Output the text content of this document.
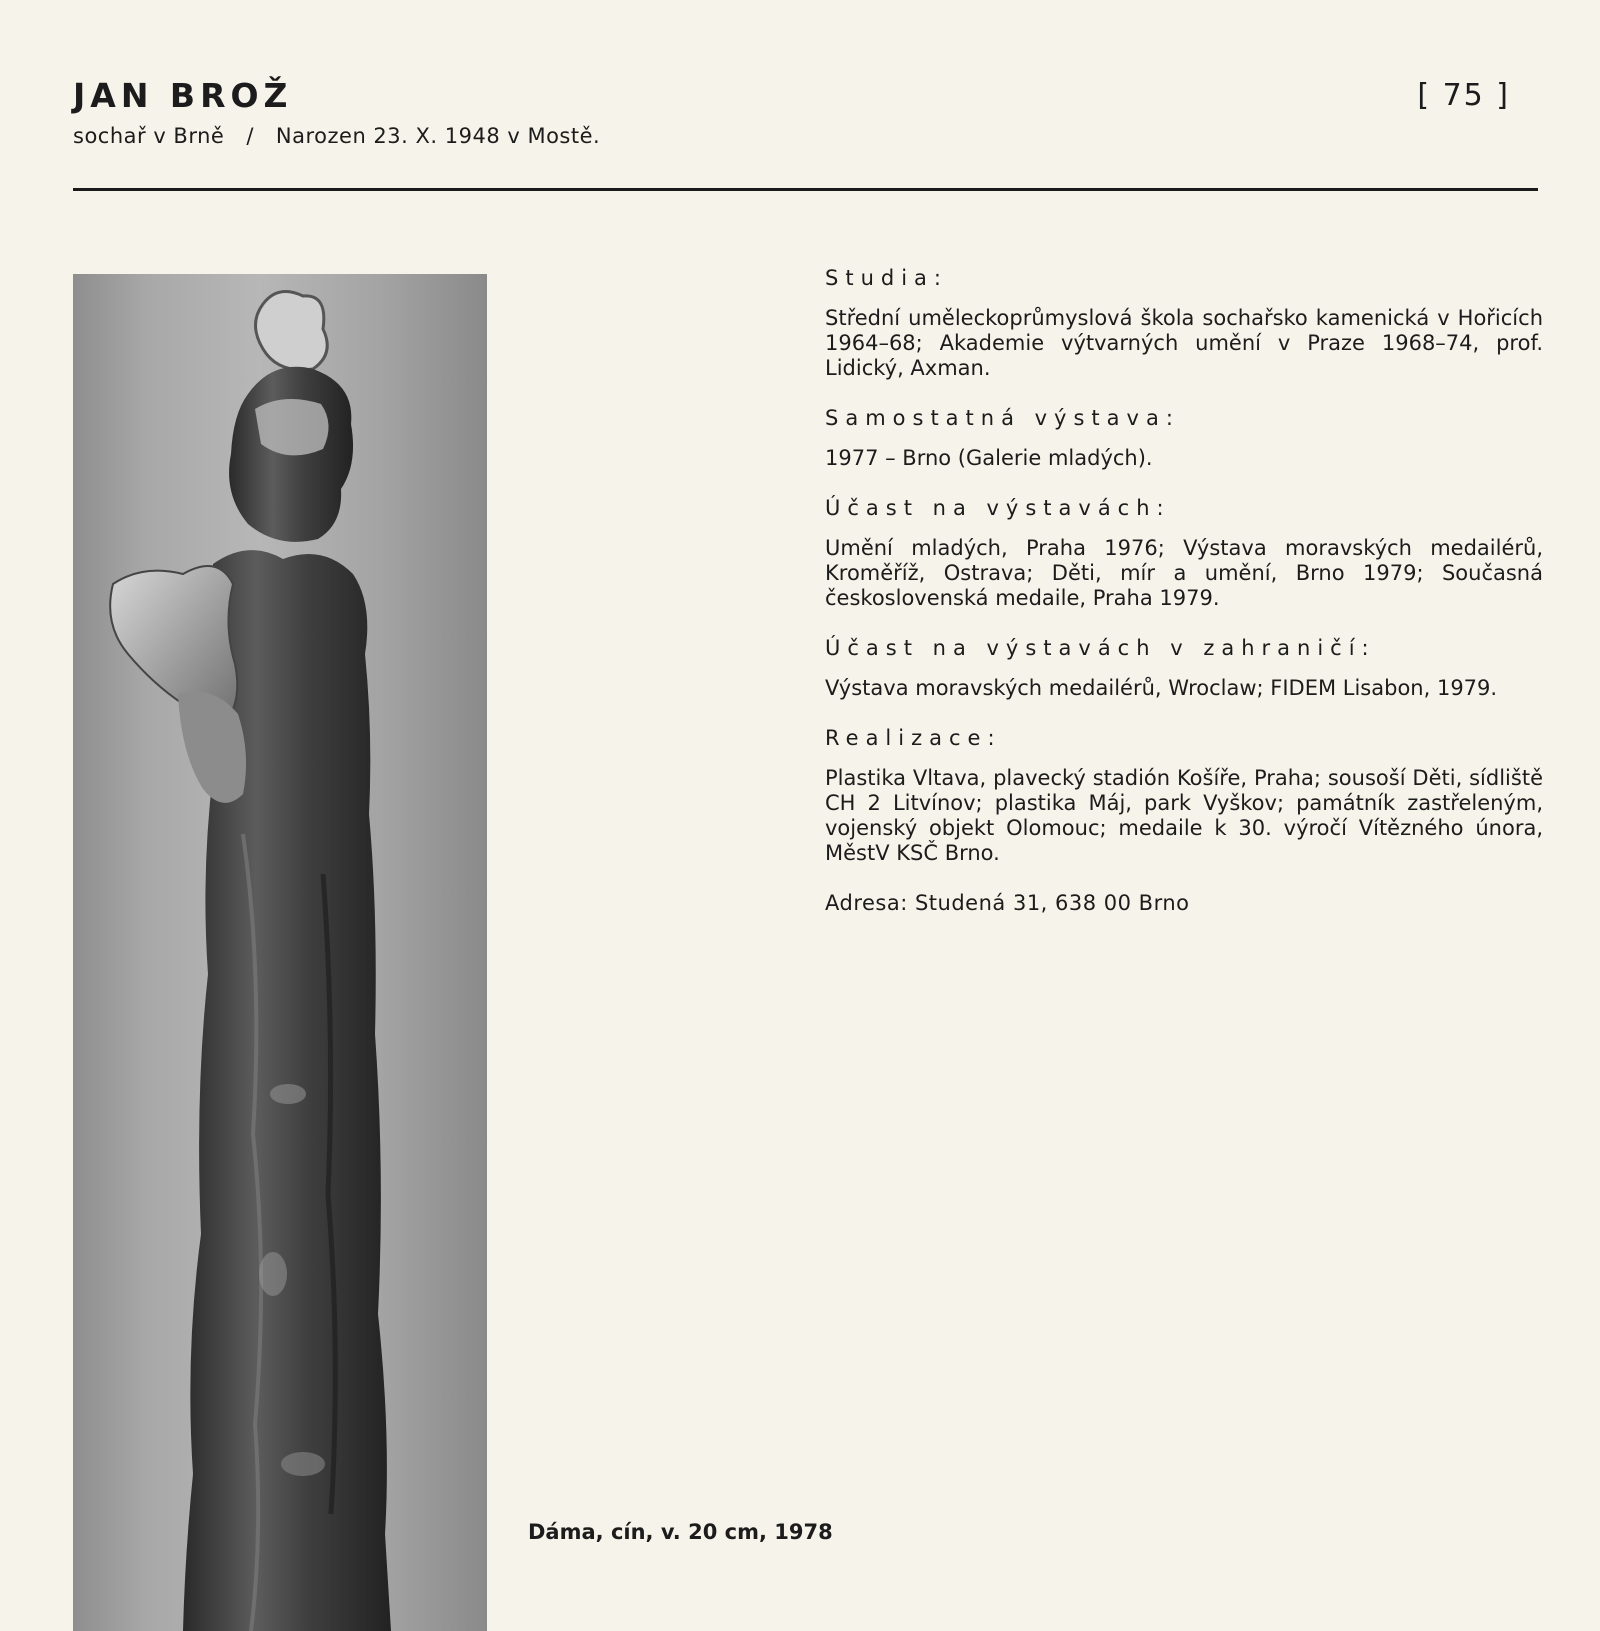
JAN BROŽ
sochař v Brně / Narozen 23. X. 1948 v Mostě.
[ 75 ]
Dáma, cín, v. 20 cm, 1978
Studia:

Střední uměleckoprůmyslová škola sochařsko kamenická v Hořicích 1964–68; Akademie výtvarných umění v Praze 1968–74, prof. Lidický, Axman.

Samostatná výstava:

1977 – Brno (Galerie mladých).

Účast na výstavách:

Umění mladých, Praha 1976; Výstava moravských medailérů, Kroměříž, Ostrava; Děti, mír a umění, Brno 1979; Současná československá medaile, Praha 1979.

Účast na výstavách v zahraničí:

Výstava moravských medailérů, Wroclaw; FIDEM Lisabon, 1979.

Realizace:

Plastika Vltava, plavecký stadión Košíře, Praha; sousoší Děti, sídliště CH 2 Litvínov; plastika Máj, park Vyškov; památník zastřeleným, vojenský objekt Olomouc; medaile k 30. výročí Vítězného února, MěstV KSČ Brno.

Adresa: Studená 31, 638 00 Brno
